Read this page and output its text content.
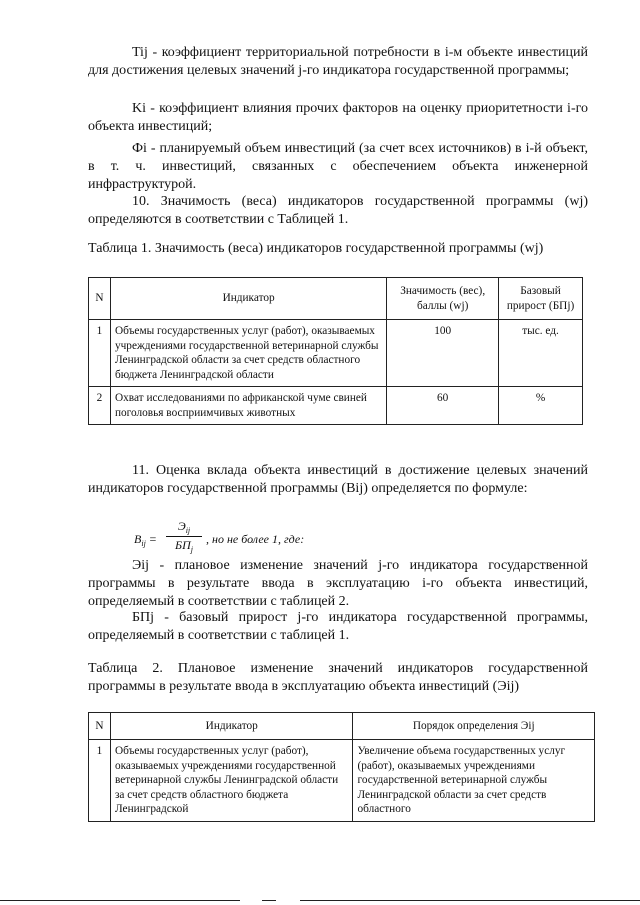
Tij - коэффициент территориальной потребности в i-м объекте инвестиций для достижения целевых значений j-го индикатора государственной программы;
Ki - коэффициент влияния прочих факторов на оценку приоритетности i-го объекта инвестиций;
Фi - планируемый объем инвестиций (за счет всех источников) в i-й объект, в т. ч. инвестиций, связанных с обеспечением объекта инженерной инфраструктурой.
10. Значимость (веса) индикаторов государственной программы (wj) определяются в соответствии с Таблицей 1.
Таблица 1. Значимость (веса) индикаторов государственной программы (wj)
N	Индикатор	Значимость (вес), баллы (wj)	Базовый прирост (БПj)
1	Объемы государственных услуг (работ), оказываемых учреждениями государственной ветеринарной службы Ленинградской области за счет средств областного бюджета Ленинградской области	100	тыс. ед.
2	Охват исследованиями по африканской чуме свиней поголовья восприимчивых животных	60	%
11. Оценка вклада объекта инвестиций в достижение целевых значений индикаторов государственной программы (Bij) определяется по формуле:
$B_{ij}$ =
$Э_{ij}$
$БП_j$
, но не более 1, где:
Эij - плановое изменение значений j-го индикатора государственной программы в результате ввода в эксплуатацию i-го объекта инвестиций, определяемый в соответствии с таблицей 2.
БПj - базовый прирост j-го индикатора государственной программы, определяемый в соответствии с таблицей 1.
Таблица 2. Плановое изменение значений индикаторов государственной программы в результате ввода в эксплуатацию объекта инвестиций (Эij)
N	Индикатор	Порядок определения Эij
1	Объемы государственных услуг (работ), оказываемых учреждениями государственной ветеринарной службы Ленинградской области за счет средств областного бюджета Ленинградской	Увеличение объема государственных услуг (работ), оказываемых учреждениями государственной ветеринарной службы Ленинградской области за счет средств областного
